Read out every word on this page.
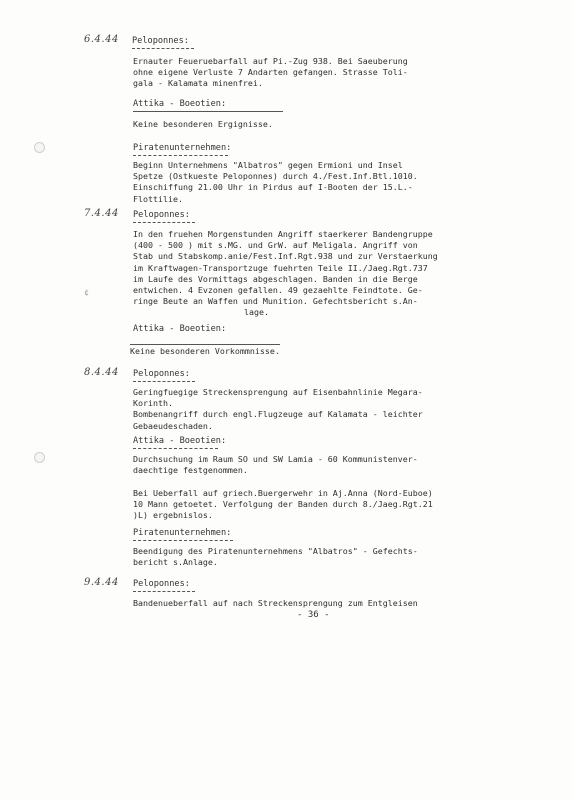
¢
6.4.44 Peloponnes:
Ernauter Feueruebarfall auf Pi.-Zug 938. Bei Saeuberung
ohne eigene Verluste 7 Andarten gefangen. Strasse Toli-
gala - Kalamata minenfrei.
Attika - Boeotien:
Keine besonderen Ergignisse.
Piratenunternehmen:
Beginn Unternehmens "Albatros" gegen Ermioni und Insel
Spetze (Ostkueste Peloponnes) durch 4./Fest.Inf.Btl.1010.
Einschiffung 21.00 Uhr in Pirdus auf I-Booten der 15.L.-
Flottilie.
7.4.44 Peloponnes:
In den fruehen Morgenstunden Angriff staerkerer Bandengruppe
(400 - 500 ) mit s.MG. und GrW. auf Meligala. Angriff von
Stab und Stabskomp.anie/Fest.Inf.Rgt.938 und zur Verstaerkung
im Kraftwagen-Transportzuge fuehrten Teile II./Jaeg.Rgt.737
im Laufe des Vormittags abgeschlagen. Banden in die Berge
entwichen. 4 Evzonen gefallen. 49 gezaehlte Feindtote. Ge-
ringe Beute an Waffen und Munition. Gefechtsbericht s.An-
lage.
Attika - Boeotien:
Keine besonderen Vorkommnisse.
8.4.44 Peloponnes:
Geringfuegige Streckensprengung auf Eisenbahnlinie Megara-
Korinth.
Bombenangriff durch engl.Flugzeuge auf Kalamata - leichter
Gebaeudeschaden.
Attika - Boeotien:
Durchsuchung im Raum SO und SW Lamia - 60 Kommunistenver-
daechtige festgenommen.

Bei Ueberfall auf griech.Buergerwehr in Aj.Anna (Nord-Euboe)
10 Mann getoetet. Verfolgung der Banden durch 8./Jaeg.Rgt.21
)L) ergebnislos.
Piratenunternehmen:
Beendigung des Piratenunternehmens "Albatros" - Gefechts-
bericht s.Anlage.
9.4.44 Peloponnes:
Bandenueberfall auf nach Streckensprengung zum Entgleisen
- 36 -
